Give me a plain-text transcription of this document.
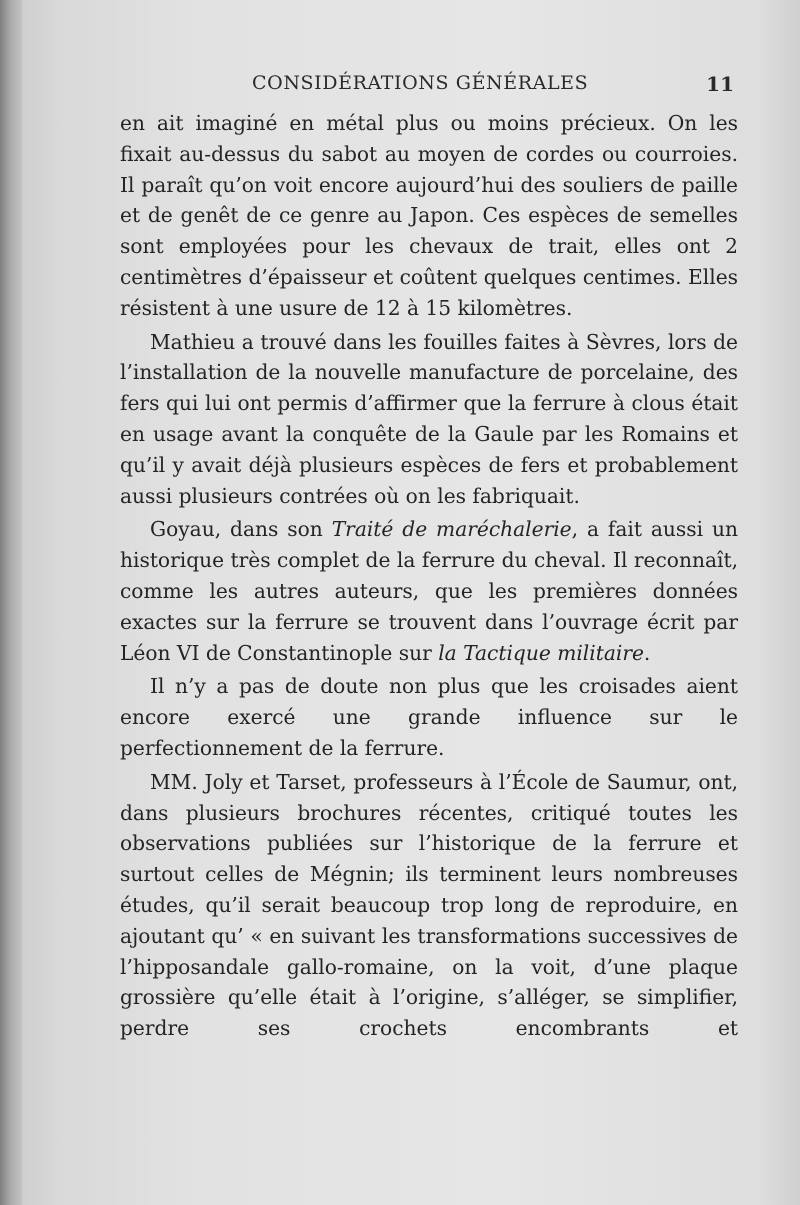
CONSIDÉRATIONS GÉNÉRALES	11

en ait imaginé en métal plus ou moins précieux. On les fixait au-dessus du sabot au moyen de cordes ou courroies. Il paraît qu’on voit encore aujourd’hui des souliers de paille et de genêt de ce genre au Japon. Ces espèces de semelles sont employées pour les chevaux de trait, elles ont 2 centimètres d’épaisseur et coûtent quelques centimes. Elles résistent à une usure de 12 à 15 kilomètres.

Mathieu a trouvé dans les fouilles faites à Sèvres, lors de l’installation de la nouvelle manufacture de porcelaine, des fers qui lui ont permis d’affirmer que la ferrure à clous était en usage avant la conquête de la Gaule par les Romains et qu’il y avait déjà plusieurs espèces de fers et probablement aussi plusieurs contrées où on les fabriquait.

Goyau, dans son Traité de maréchalerie, a fait aussi un historique très complet de la ferrure du cheval. Il reconnaît, comme les autres auteurs, que les premières données exactes sur la ferrure se trouvent dans l’ouvrage écrit par Léon VI de Constantinople sur la Tactique militaire.

Il n’y a pas de doute non plus que les croisades aient encore exercé une grande influence sur le perfectionnement de la ferrure.

MM. Joly et Tarset, professeurs à l’École de Saumur, ont, dans plusieurs brochures récentes, critiqué toutes les observations publiées sur l’historique de la ferrure et surtout celles de Mégnin; ils terminent leurs nombreuses études, qu’il serait beaucoup trop long de reproduire, en ajoutant qu’ « en suivant les transformations successives de l’hipposandale gallo-romaine, on la voit, d’une plaque grossière qu’elle était à l’origine, s’alléger, se simplifier, perdre ses crochets encombrants et
